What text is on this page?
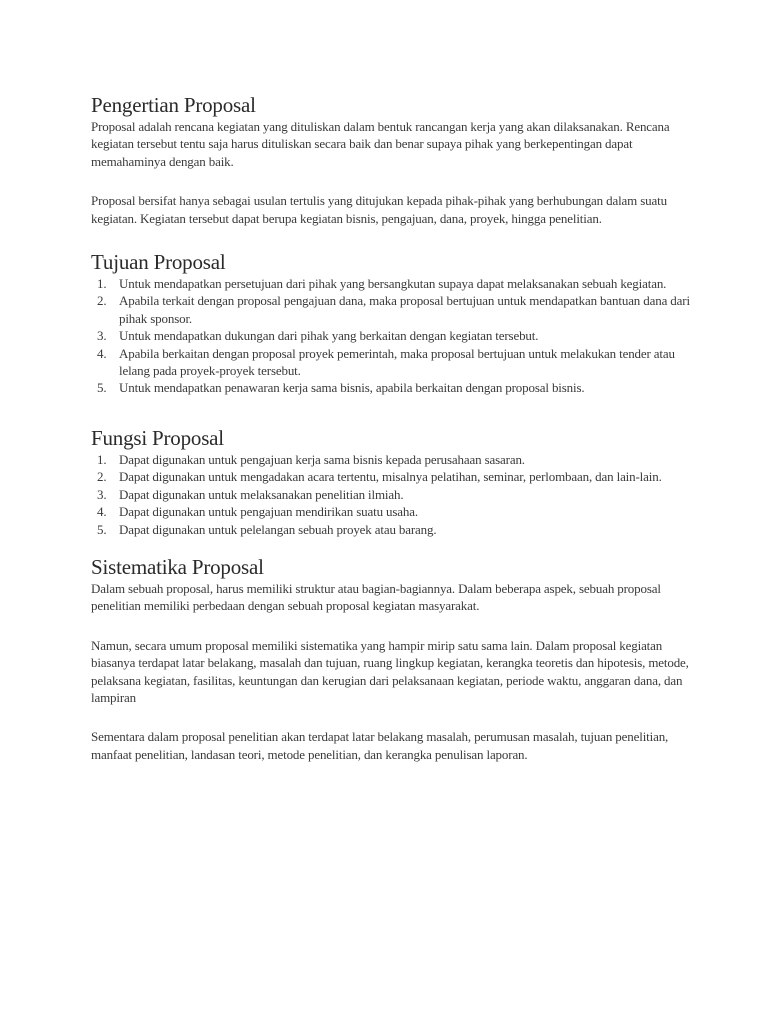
Pengertian Proposal

Proposal adalah rencana kegiatan yang dituliskan dalam bentuk rancangan kerja yang akan dilaksanakan. Rencana kegiatan tersebut tentu saja harus dituliskan secara baik dan benar supaya pihak yang berkepentingan dapat memahaminya dengan baik.

Proposal bersifat hanya sebagai usulan tertulis yang ditujukan kepada pihak-pihak yang berhubungan dalam suatu kegiatan. Kegiatan tersebut dapat berupa kegiatan bisnis, pengajuan, dana, proyek, hingga penelitian.

Tujuan Proposal
1. Untuk mendapatkan persetujuan dari pihak yang bersangkutan supaya dapat melaksanakan sebuah kegiatan.
2. Apabila terkait dengan proposal pengajuan dana, maka proposal bertujuan untuk mendapatkan bantuan dana dari pihak sponsor.
3. Untuk mendapatkan dukungan dari pihak yang berkaitan dengan kegiatan tersebut.
4. Apabila berkaitan dengan proposal proyek pemerintah, maka proposal bertujuan untuk melakukan tender atau lelang pada proyek-proyek tersebut.
5. Untuk mendapatkan penawaran kerja sama bisnis, apabila berkaitan dengan proposal bisnis.
Fungsi Proposal
1. Dapat digunakan untuk pengajuan kerja sama bisnis kepada perusahaan sasaran.
2. Dapat digunakan untuk mengadakan acara tertentu, misalnya pelatihan, seminar, perlombaan, dan lain-lain.
3. Dapat digunakan untuk melaksanakan penelitian ilmiah.
4. Dapat digunakan untuk pengajuan mendirikan suatu usaha.
5. Dapat digunakan untuk pelelangan sebuah proyek atau barang.
Sistematika Proposal

Dalam sebuah proposal, harus memiliki struktur atau bagian-bagiannya. Dalam beberapa aspek, sebuah proposal penelitian memiliki perbedaan dengan sebuah proposal kegiatan masyarakat.

Namun, secara umum proposal memiliki sistematika yang hampir mirip satu sama lain. Dalam proposal kegiatan biasanya terdapat latar belakang, masalah dan tujuan, ruang lingkup kegiatan, kerangka teoretis dan hipotesis, metode, pelaksana kegiatan, fasilitas, keuntungan dan kerugian dari pelaksanaan kegiatan, periode waktu, anggaran dana, dan lampiran

Sementara dalam proposal penelitian akan terdapat latar belakang masalah, perumusan masalah, tujuan penelitian, manfaat penelitian, landasan teori, metode penelitian, dan kerangka penulisan laporan.
